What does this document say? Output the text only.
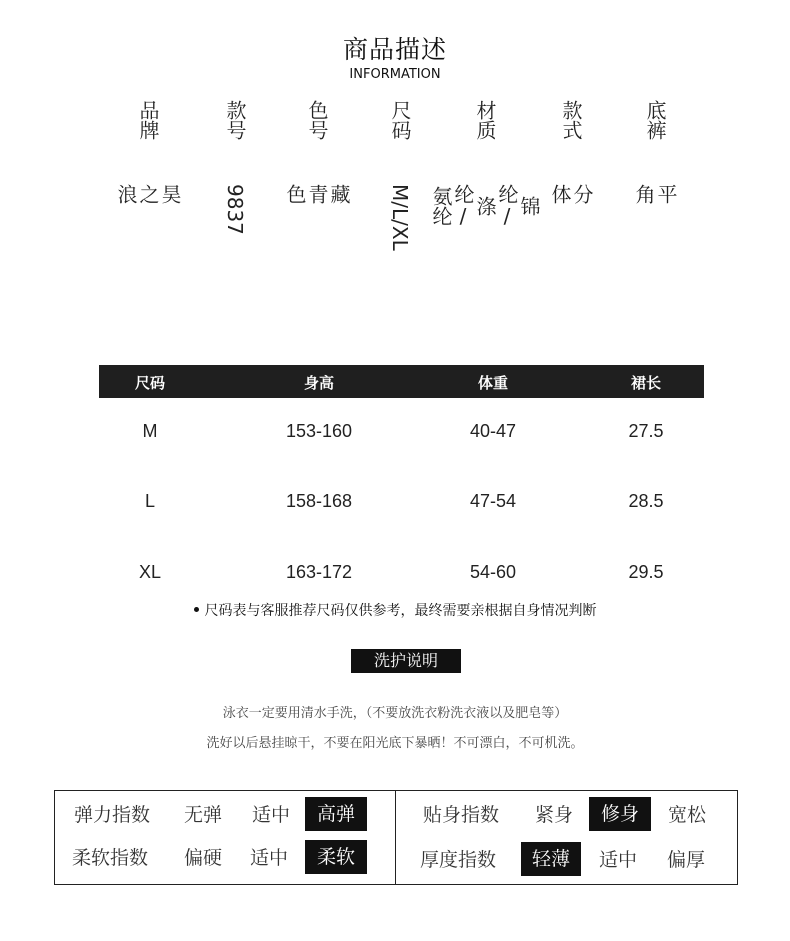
商品描述
INFORMATION
品牌
昊之浪
款号
9837
色号
藏青色
尺码
M/L/XL
材质
锦纶/涤纶/氨纶
款式
分体
底裤
平角
尺码	身高	体重	裙长
M	153-160	40-47	27.5
L	158-168	47-54	28.5
XL	163-172	54-60	29.5
尺码表与客服推荐尺码仅供参考，最终需要亲根据自身情况判断
洗护说明
泳衣一定要用清水手洗，（不要放洗衣粉洗衣液以及肥皂等）
洗好以后悬挂晾干，不要在阳光底下暴晒！不可漂白，不可机洗。
弹力指数 无弹 适中	高弹	贴身指数 紧身	修身	宽松
柔软指数 偏硬 适中	柔软	厚度指数	轻薄	适中 偏厚
